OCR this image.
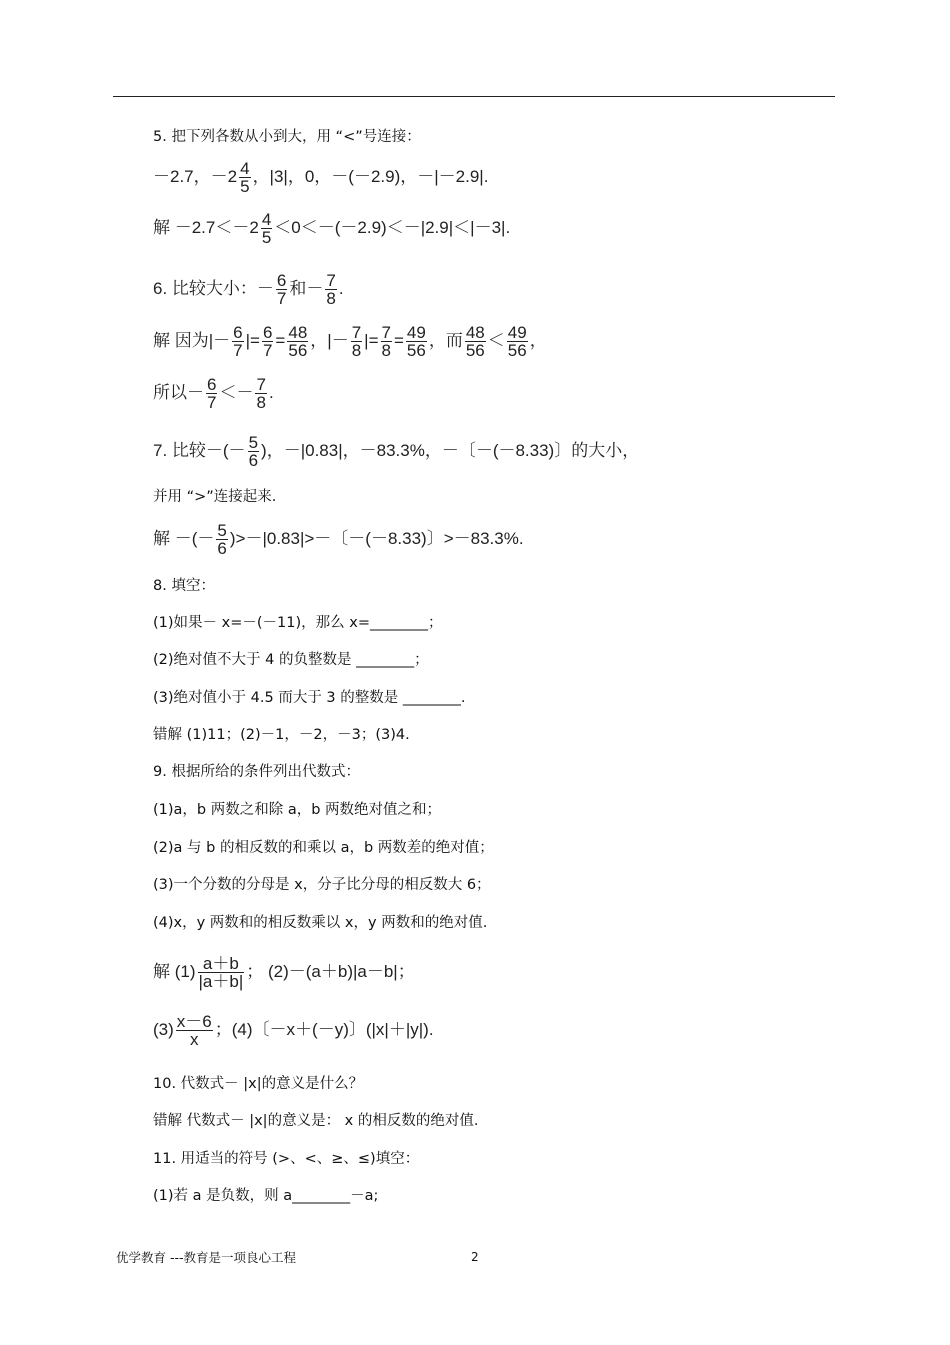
5. 把下列各数从小到大，用 “<”号连接：
－2.7，$-2 \frac{4}{5}$ ，|3|，0，－(－2.9)，－|－2.9|.
解 $-2.7<-2 \frac{4}{5} <0<-(-2.9)<-|2.9|<|-3|$.
6. 比较大小：－ $\frac{6}{7}$ 和－ $\frac{7}{8}$ .
解 因为|－ $\frac{6}{7}$ |= $\frac{6}{7} = \frac{48}{56}$ ，|－ $\frac{7}{8}$ |= $\frac{7}{8} = \frac{49}{56}$ ，而 $\frac{48}{56} < \frac{49}{56}$ ，
所以－ $\frac{6}{7} <- \frac{7}{8}$ .
7. 比较－(－ $\frac{5}{6}$ )，－|0.83|，－83.3%，－〔－(－8.33)〕的大小，
并用 “>”连接起来.
解 －(－ $\frac{5}{6} )>-|0.83|>-$〔－(－8.33)〕>－83.3%.
8. 填空：
(1)如果－ x=－(－11)，那么 x=________；
(2)绝对值不大于 4 的负整数是 ________；
(3)绝对值小于 4.5 而大于 3 的整数是 ________.
错解 (1)11；(2)－1，－2，－3；(3)4.
9. 根据所给的条件列出代数式：
(1)a，b 两数之和除 a，b 两数绝对值之和；
(2)a 与 b 的相反数的和乘以 a，b 两数差的绝对值；
(3)一个分数的分母是 x，分子比分母的相反数大 6；
(4)x，y 两数和的相反数乘以 x，y 两数和的绝对值.
解 $(1) \frac{a+b}{|a+b|}$ ； (2)－(a＋b)|a－b|；
$(3) \frac{x-6}{x}$ ；(4)〔－x＋(－y)〕(|x|＋|y|).
10. 代数式－ |x|的意义是什么？
错解 代数式－ |x|的意义是： x 的相反数的绝对值.
11. 用适当的符号 (>、<、≥、≤)填空：
(1)若 a 是负数，则 a________－a;
优学教育 ---教育是一项良心工程	2
